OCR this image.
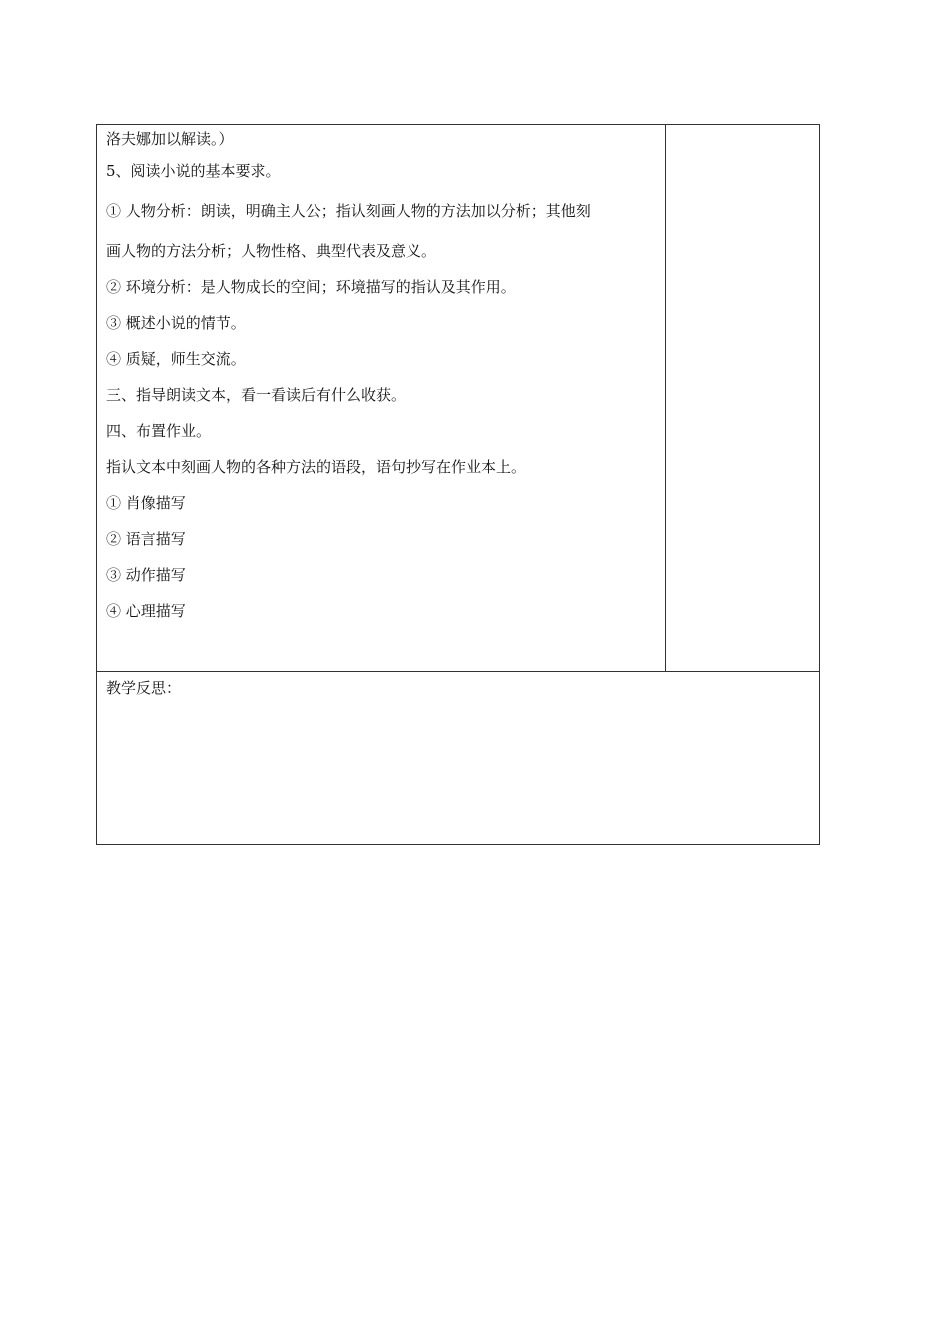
洛夫娜加以解读。）
5、阅读小说的基本要求。
① 人物分析：朗读，明确主人公；指认刻画人物的方法加以分析；其他刻
画人物的方法分析；人物性格、典型代表及意义。
② 环境分析：是人物成长的空间；环境描写的指认及其作用。
③ 概述小说的情节。
④ 质疑，师生交流。
三、指导朗读文本，看一看读后有什么收获。
四、布置作业。
指认文本中刻画人物的各种方法的语段，语句抄写在作业本上。
① 肖像描写
② 语言描写
③ 动作描写
④ 心理描写
教学反思：
